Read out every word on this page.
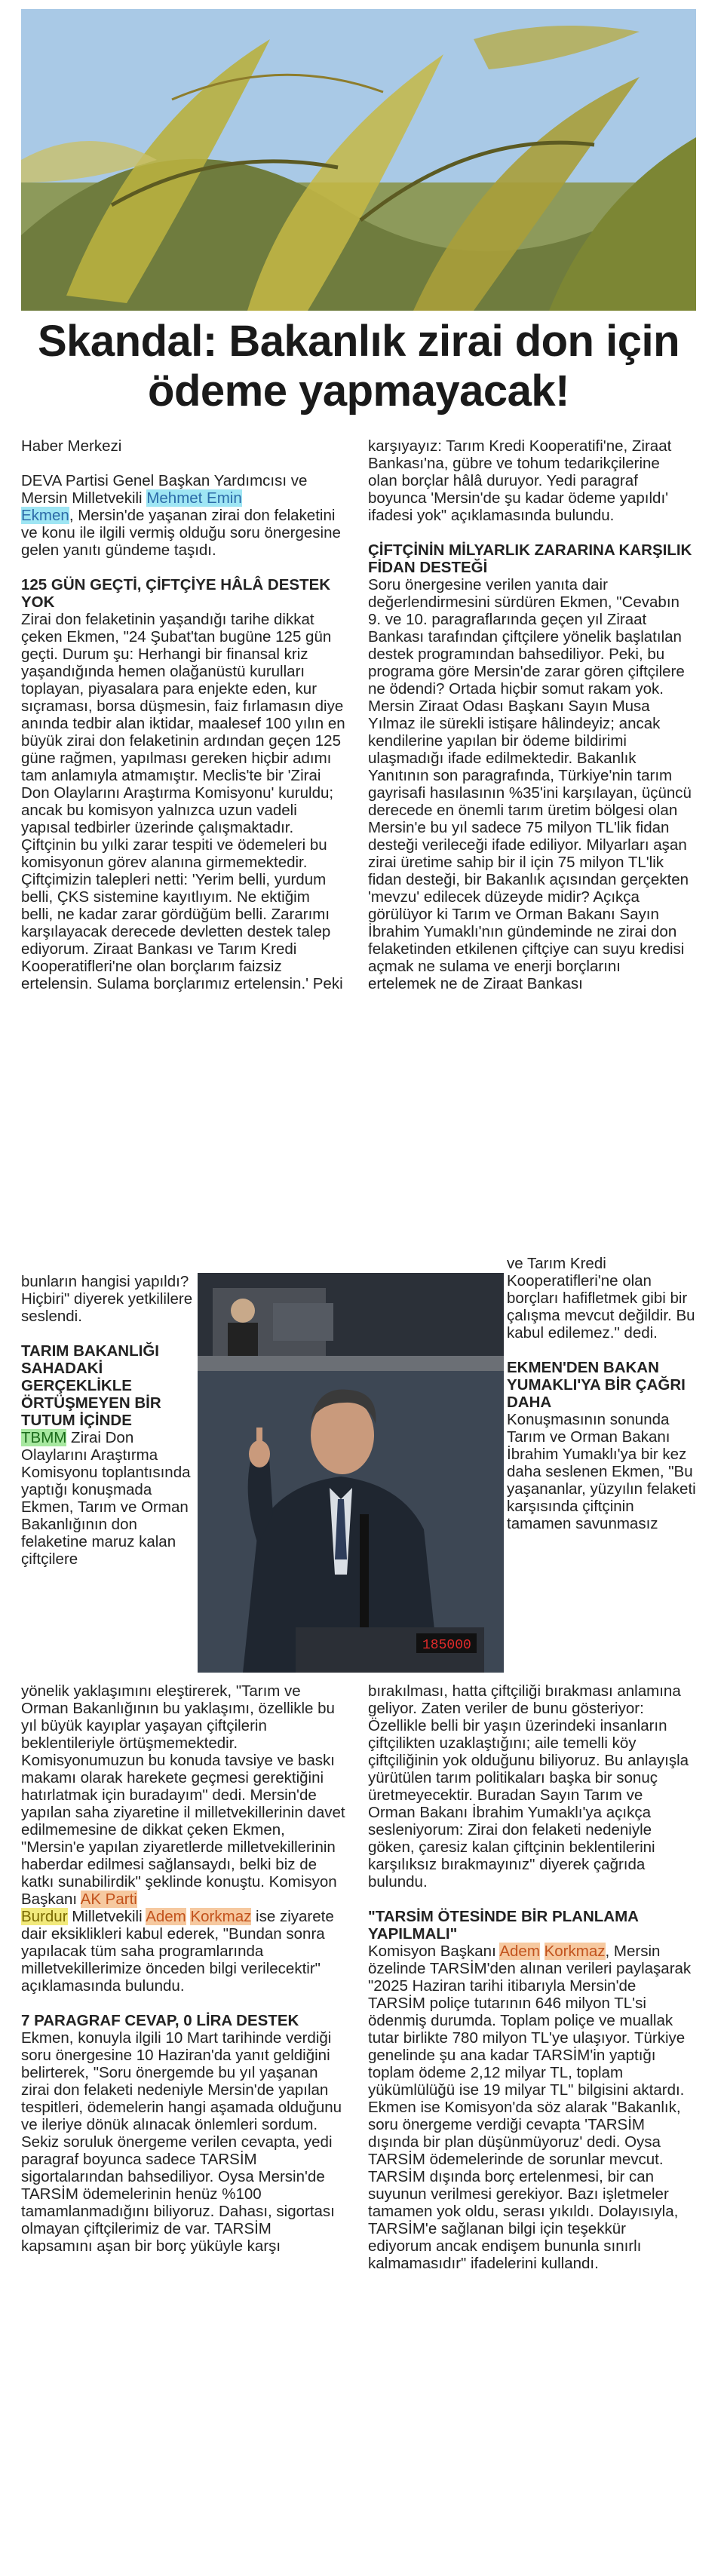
Skandal: Bakanlık zirai don için ödeme yapmayacak!

Haber Merkezi

DEVA Partisi Genel Başkan Yardımcısı ve Mersin Milletvekili Mehmet Emin
Ekmen, Mersin'de yaşanan zirai don felaketini ve konu ile ilgili vermiş olduğu soru önergesine gelen yanıtı gündeme taşıdı.

125 GÜN GEÇTİ, ÇİFTÇİYE HÂLÂ DESTEK YOK

Zirai don felaketinin yaşandığı tarihe dikkat çeken Ekmen, "24 Şubat'tan bugüne 125 gün geçti. Durum şu: Herhangi bir finansal kriz yaşandığında hemen olağanüstü kurulları toplayan, piyasalara para enjekte eden, kur sıçraması, borsa düşmesin, faiz fırlamasın diye anında tedbir alan iktidar, maalesef 100 yılın en büyük zirai don felaketinin ardından geçen 125 güne rağmen, yapılması gereken hiçbir adımı tam anlamıyla atmamıştır. Meclis'te bir 'Zirai Don Olaylarını Araştırma Komisyonu' kuruldu; ancak bu komisyon yalnızca uzun vadeli yapısal tedbirler üzerinde çalışmaktadır. Çiftçinin bu yılki zarar tespiti ve ödemeleri bu komisyonun görev alanına girmemektedir. Çiftçimizin talepleri netti: 'Yerim belli, yurdum belli, ÇKS sistemine kayıtlıyım. Ne ektiğim belli, ne kadar zarar gördüğüm belli. Zararımı karşılayacak derecede devletten destek talep ediyorum. Ziraat Bankası ve Tarım Kredi Kooperatifleri'ne olan borçlarım faizsiz ertelensin. Sulama borçlarımız ertelensin.' Peki

bunların hangisi yapıldı? Hiçbiri" diyerek yetkililere seslendi.

TARIM BAKANLIĞI SAHADAKİ GERÇEKLİKLE ÖRTÜŞMEYEN BİR TUTUM İÇİNDE

TBMM Zirai Don Olaylarını Araştırma Komisyonu toplantısında yaptığı konuşmada Ekmen, Tarım ve Orman Bakanlığının don felaketine maruz kalan çiftçilere

185000

yönelik yaklaşımını eleştirerek, "Tarım ve Orman Bakanlığının bu yaklaşımı, özellikle bu yıl büyük kayıplar yaşayan çiftçilerin beklentileriyle örtüşmemektedir. Komisyonumuzun bu konuda tavsiye ve baskı makamı olarak harekete geçmesi gerektiğini hatırlatmak için buradayım" dedi. Mersin'de yapılan saha ziyaretine il milletvekillerinin davet edilmemesine de dikkat çeken Ekmen, "Mersin'e yapılan ziyaretlerde milletvekillerinin haberdar edilmesi sağlansaydı, belki biz de katkı sunabilirdik" şeklinde konuştu. Komisyon Başkanı AK Parti
Burdur Milletvekili Adem Korkmaz ise ziyarete dair eksiklikleri kabul ederek, "Bundan sonra yapılacak tüm saha programlarında milletvekillerimize önceden bilgi verilecektir" açıklamasında bulundu.

7 PARAGRAF CEVAP, 0 LİRA DESTEK

Ekmen, konuyla ilgili 10 Mart tarihinde verdiği soru önergesine 10 Haziran'da yanıt geldiğini belirterek, "Soru önergemde bu yıl yaşanan zirai don felaketi nedeniyle Mersin'de yapılan tespitleri, ödemelerin hangi aşamada olduğunu ve ileriye dönük alınacak önlemleri sordum. Sekiz soruluk önergeme verilen cevapta, yedi paragraf boyunca sadece TARSİM sigortalarından bahsediliyor. Oysa Mersin'de TARSİM ödemelerinin henüz %100 tamamlanmadığını biliyoruz. Dahası, sigortası olmayan çiftçilerimiz de var. TARSİM kapsamını aşan bir borç yüküyle karşı

karşıyayız: Tarım Kredi Kooperatifi'ne, Ziraat Bankası'na, gübre ve tohum tedarikçilerine olan borçlar hâlâ duruyor. Yedi paragraf boyunca 'Mersin'de şu kadar ödeme yapıldı' ifadesi yok" açıklamasında bulundu.

ÇİFTÇİNİN MİLYARLIK ZARARINA KARŞILIK FİDAN DESTEĞİ

Soru önergesine verilen yanıta dair değerlendirmesini sürdüren Ekmen, "Cevabın 9. ve 10. paragraflarında geçen yıl Ziraat Bankası tarafından çiftçilere yönelik başlatılan destek programından bahsediliyor. Peki, bu programa göre Mersin'de zarar gören çiftçilere ne ödendi? Ortada hiçbir somut rakam yok. Mersin Ziraat Odası Başkanı Sayın Musa Yılmaz ile sürekli istişare hâlindeyiz; ancak kendilerine yapılan bir ödeme bildirimi ulaşmadığı ifade edilmektedir. Bakanlık Yanıtının son paragrafında, Türkiye'nin tarım gayrisafi hasılasının %35'ini karşılayan, üçüncü derecede en önemli tarım üretim bölgesi olan Mersin'e bu yıl sadece 75 milyon TL'lik fidan desteği verileceği ifade ediliyor. Milyarları aşan zirai üretime sahip bir il için 75 milyon TL'lik fidan desteği, bir Bakanlık açısından gerçekten 'mevzu' edilecek düzeyde midir? Açıkça görülüyor ki Tarım ve Orman Bakanı Sayın İbrahim Yumaklı'nın gündeminde ne zirai don felaketinden etkilenen çiftçiye can suyu kredisi açmak ne sulama ve enerji borçlarını ertelemek ne de Ziraat Bankası

ve Tarım Kredi Kooperatifleri'ne olan borçları hafifletmek gibi bir çalışma mevcut değildir. Bu kabul edilemez." dedi.

EKMEN'DEN BAKAN YUMAKLI'YA BİR ÇAĞRI DAHA

Konuşmasının sonunda Tarım ve Orman Bakanı İbrahim Yumaklı'ya bir kez daha seslenen Ekmen, "Bu yaşananlar, yüzyılın felaketi karşısında çiftçinin tamamen savunmasız

bırakılması, hatta çiftçiliği bırakması anlamına geliyor. Zaten veriler de bunu gösteriyor: Özellikle belli bir yaşın üzerindeki insanların çiftçilikten uzaklaştığını; aile temelli köy çiftçiliğinin yok olduğunu biliyoruz. Bu anlayışla yürütülen tarım politikaları başka bir sonuç üretmeyecektir. Buradan Sayın Tarım ve Orman Bakanı İbrahim Yumaklı'ya açıkça sesleniyorum: Zirai don felaketi nedeniyle göken, çaresiz kalan çiftçinin beklentilerini karşılıksız bırakmayınız" diyerek çağrıda bulundu.

"TARSİM ÖTESİNDE BİR PLANLAMA YAPILMALI"

Komisyon Başkanı Adem Korkmaz, Mersin özelinde TARSİM'den alınan verileri paylaşarak "2025 Haziran tarihi itibarıyla Mersin'de TARSİM poliçe tutarının 646 milyon TL'si ödenmiş durumda. Toplam poliçe ve muallak tutar birlikte 780 milyon TL'ye ulaşıyor. Türkiye genelinde şu ana kadar TARSİM'in yaptığı toplam ödeme 2,12 milyar TL, toplam yükümlülüğü ise 19 milyar TL" bilgisini aktardı. Ekmen ise Komisyon'da söz alarak "Bakanlık, soru önergeme verdiği cevapta 'TARSİM dışında bir plan düşünmüyoruz' dedi. Oysa TARSİM ödemelerinde de sorunlar mevcut. TARSİM dışında borç ertelenmesi, bir can suyunun verilmesi gerekiyor. Bazı işletmeler tamamen yok oldu, serası yıkıldı. Dolayısıyla, TARSİM'e sağlanan bilgi için teşekkür ediyorum ancak endişem bununla sınırlı kalmamasıdır" ifadelerini kullandı.
